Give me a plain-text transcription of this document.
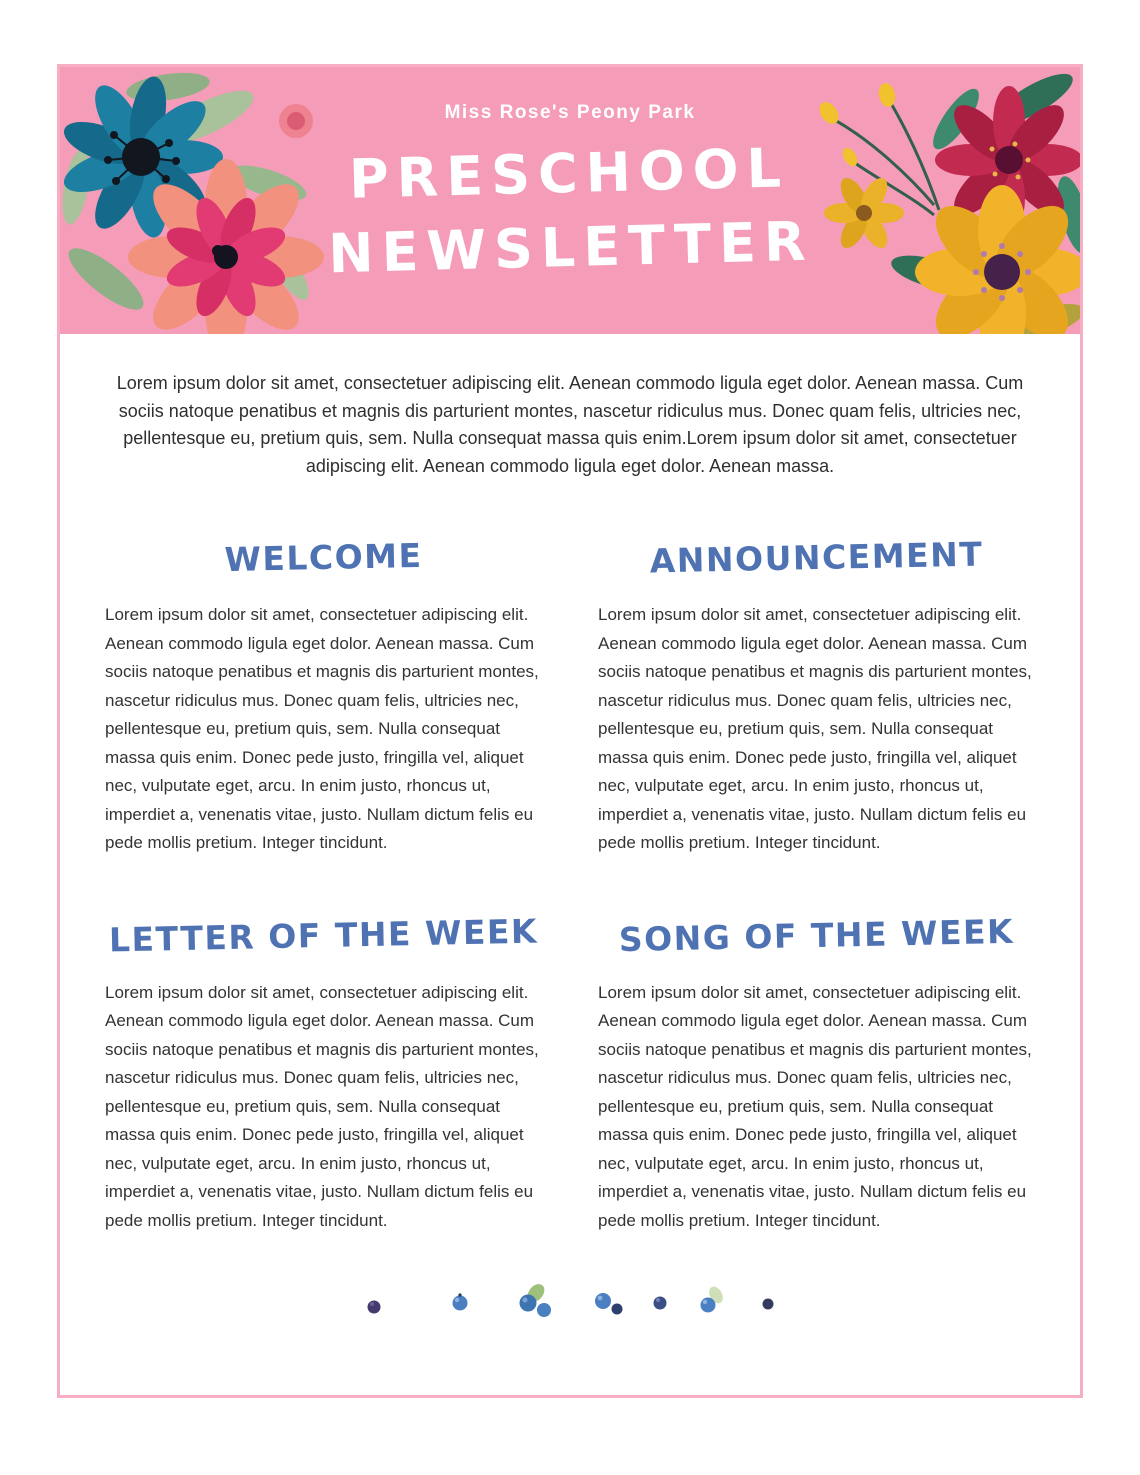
Miss Rose's Peony Park
PRESCHOOL
NEWSLETTER

Lorem ipsum dolor sit amet, consectetuer adipiscing elit. Aenean commodo ligula eget dolor. Aenean massa. Cum sociis natoque penatibus et magnis dis parturient montes, nascetur ridiculus mus. Donec quam felis, ultricies nec, pellentesque eu, pretium quis, sem. Nulla consequat massa quis enim.Lorem ipsum dolor sit amet, consectetuer adipiscing elit. Aenean commodo ligula eget dolor. Aenean massa.

WELCOME

Lorem ipsum dolor sit amet, consectetuer adipiscing elit. Aenean commodo ligula eget dolor. Aenean massa. Cum sociis natoque penatibus et magnis dis parturient montes, nascetur ridiculus mus. Donec quam felis, ultricies nec, pellentesque eu, pretium quis, sem. Nulla consequat massa quis enim. Donec pede justo, fringilla vel, aliquet nec, vulputate eget, arcu. In enim justo, rhoncus ut, imperdiet a, venenatis vitae, justo. Nullam dictum felis eu pede mollis pretium. Integer tincidunt.

ANNOUNCEMENT

Lorem ipsum dolor sit amet, consectetuer adipiscing elit. Aenean commodo ligula eget dolor. Aenean massa. Cum sociis natoque penatibus et magnis dis parturient montes, nascetur ridiculus mus. Donec quam felis, ultricies nec, pellentesque eu, pretium quis, sem. Nulla consequat massa quis enim. Donec pede justo, fringilla vel, aliquet nec, vulputate eget, arcu. In enim justo, rhoncus ut, imperdiet a, venenatis vitae, justo. Nullam dictum felis eu pede mollis pretium. Integer tincidunt.

LETTER OF THE WEEK

Lorem ipsum dolor sit amet, consectetuer adipiscing elit. Aenean commodo ligula eget dolor. Aenean massa. Cum sociis natoque penatibus et magnis dis parturient montes, nascetur ridiculus mus. Donec quam felis, ultricies nec, pellentesque eu, pretium quis, sem. Nulla consequat massa quis enim. Donec pede justo, fringilla vel, aliquet nec, vulputate eget, arcu. In enim justo, rhoncus ut, imperdiet a, venenatis vitae, justo. Nullam dictum felis eu pede mollis pretium. Integer tincidunt.

SONG OF THE WEEK

Lorem ipsum dolor sit amet, consectetuer adipiscing elit. Aenean commodo ligula eget dolor. Aenean massa. Cum sociis natoque penatibus et magnis dis parturient montes, nascetur ridiculus mus. Donec quam felis, ultricies nec, pellentesque eu, pretium quis, sem. Nulla consequat massa quis enim. Donec pede justo, fringilla vel, aliquet nec, vulputate eget, arcu. In enim justo, rhoncus ut, imperdiet a, venenatis vitae, justo. Nullam dictum felis eu pede mollis pretium. Integer tincidunt.
